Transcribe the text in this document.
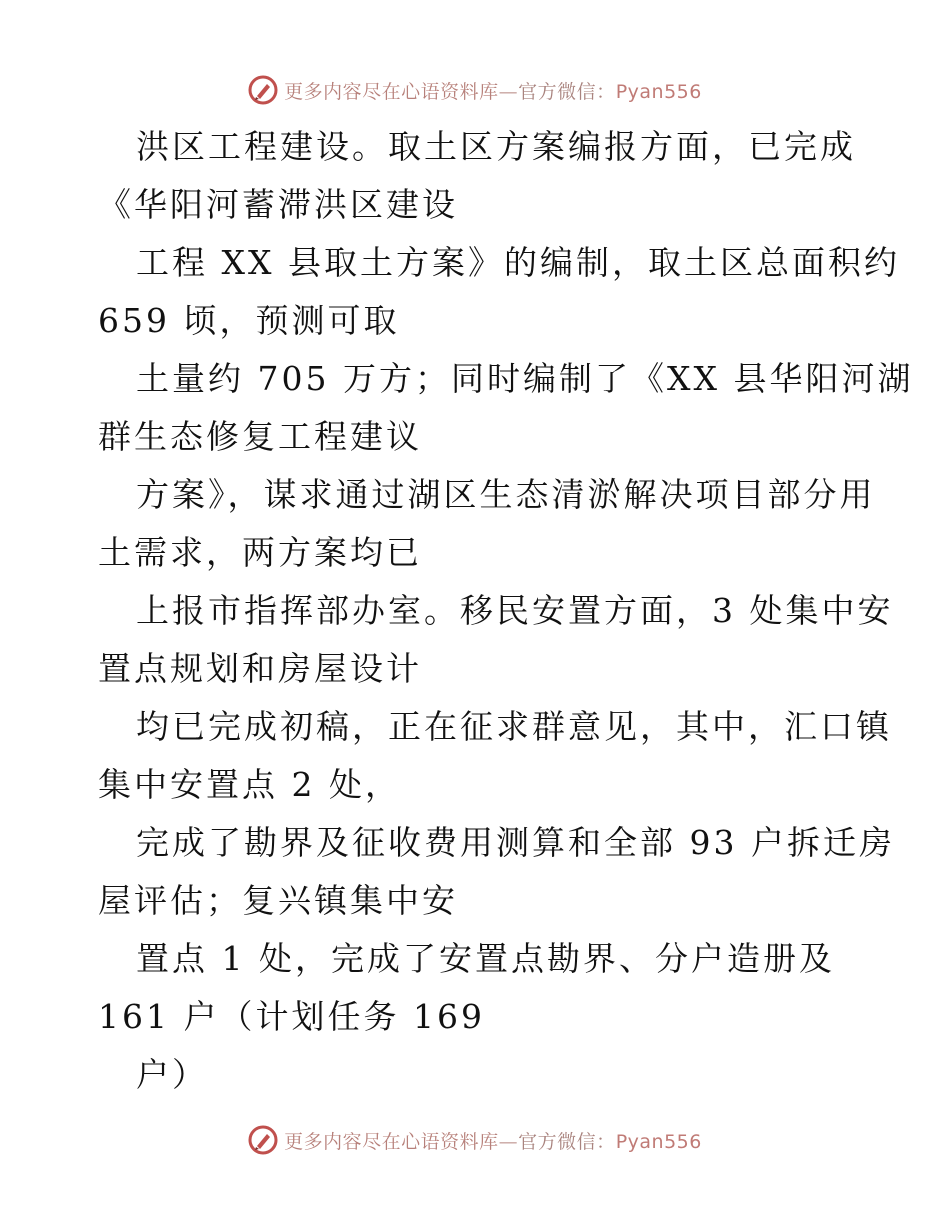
更多内容尽在心语资料库—官方微信：Pyan556
洪区工程建设。取土区方案编报方面，已完成
《华阳河蓄滞洪区建设
工程 XX 县取土方案》的编制，取土区总面积约
659 顷，预测可取
土量约 705 万方；同时编制了《XX 县华阳河湖
群生态修复工程建议
方案》，谋求通过湖区生态清淤解决项目部分用
土需求，两方案均已
上报市指挥部办室。移民安置方面，3 处集中安
置点规划和房屋设计
均已完成初稿，正在征求群意见，其中，汇口镇
集中安置点 2 处，
完成了勘界及征收费用测算和全部 93 户拆迁房
屋评估；复兴镇集中安
置点 1 处，完成了安置点勘界、分户造册及
161 户（计划任务 169
户）
更多内容尽在心语资料库—官方微信：Pyan556
